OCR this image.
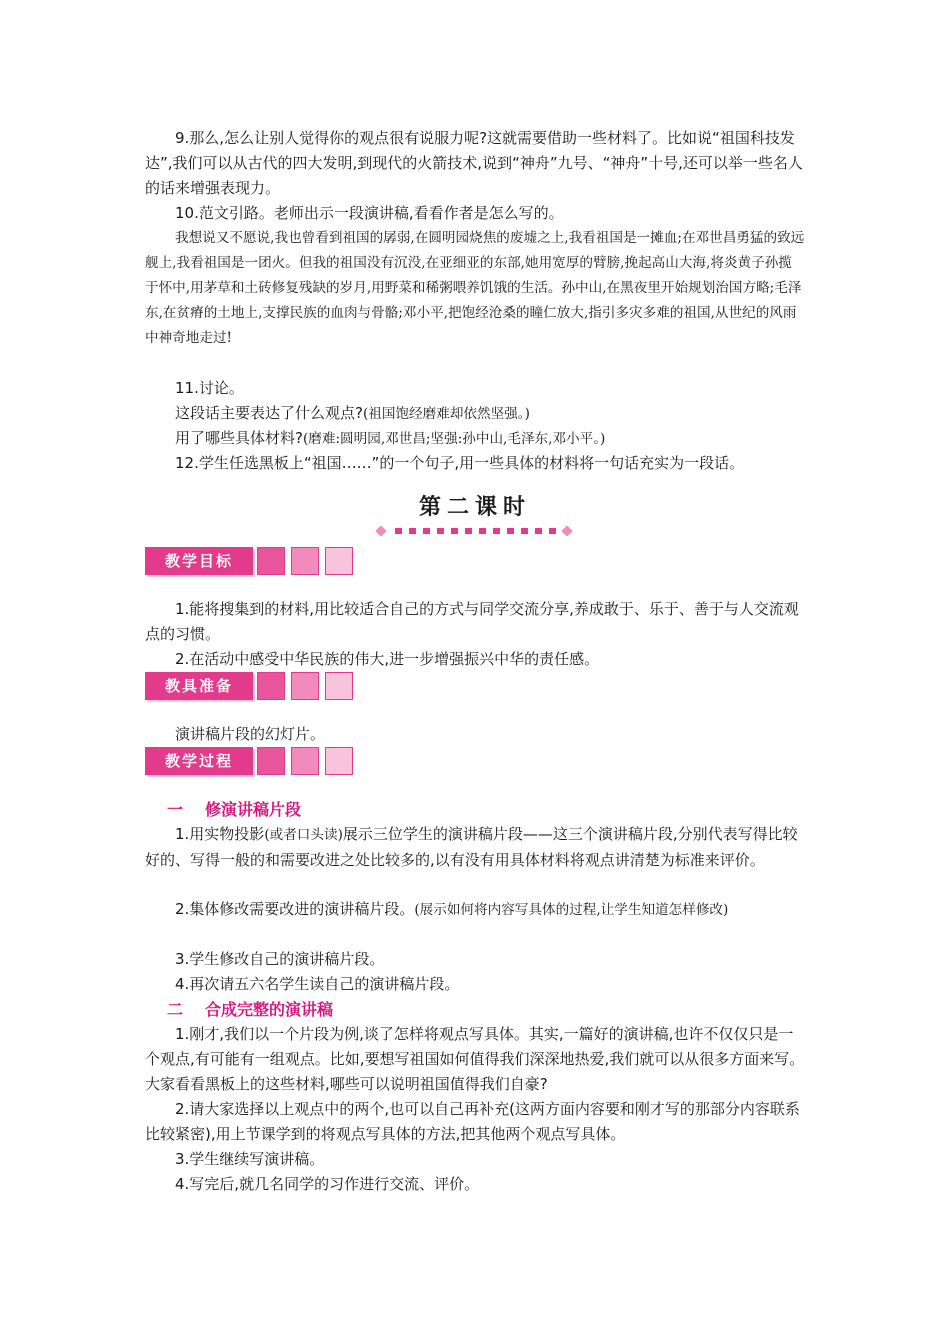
9.那么,怎么让别人觉得你的观点很有说服力呢?这就需要借助一些材料了。比如说“祖国科技发达”,我们可以从古代的四大发明,到现代的火箭技术,说到“神舟”九号、“神舟”十号,还可以举一些名人的话来增强表现力。

10.范文引路。老师出示一段演讲稿,看看作者是怎么写的。

我想说又不愿说,我也曾看到祖国的孱弱,在圆明园烧焦的废墟之上,我看祖国是一摊血;在邓世昌勇猛的致远舰上,我看祖国是一团火。但我的祖国没有沉没,在亚细亚的东部,她用宽厚的臂膀,挽起高山大海,将炎黄子孙揽于怀中,用茅草和土砖修复残缺的岁月,用野菜和稀粥喂养饥饿的生活。孙中山,在黑夜里开始规划治国方略;毛泽东,在贫瘠的土地上,支撑民族的血肉与骨骼;邓小平,把饱经沧桑的瞳仁放大,指引多灾多难的祖国,从世纪的风雨中神奇地走过!

11.讨论。

这段话主要表达了什么观点?(祖国饱经磨难却依然坚强。)

用了哪些具体材料?(磨难:圆明园,邓世昌;坚强:孙中山,毛泽东,邓小平。)

12.学生任选黑板上“祖国……”的一个句子,用一些具体的材料将一句话充实为一段话。

第二课时
教学目标

1.能将搜集到的材料,用比较适合自己的方式与同学交流分享,养成敢于、乐于、善于与人交流观点的习惯。

2.在活动中感受中华民族的伟大,进一步增强振兴中华的责任感。

教具准备

演讲稿片段的幻灯片。

教学过程
一 修演讲稿片段

1.用实物投影(或者口头读)展示三位学生的演讲稿片段——这三个演讲稿片段,分别代表写得比较好的、写得一般的和需要改进之处比较多的,以有没有用具体材料将观点讲清楚为标准来评价。

2.集体修改需要改进的演讲稿片段。(展示如何将内容写具体的过程,让学生知道怎样修改)

3.学生修改自己的演讲稿片段。

4.再次请五六名学生读自己的演讲稿片段。

二 合成完整的演讲稿

1.刚才,我们以一个片段为例,谈了怎样将观点写具体。其实,一篇好的演讲稿,也许不仅仅只是一个观点,有可能有一组观点。比如,要想写祖国如何值得我们深深地热爱,我们就可以从很多方面来写。大家看看黑板上的这些材料,哪些可以说明祖国值得我们自豪?

2.请大家选择以上观点中的两个,也可以自己再补充(这两方面内容要和刚才写的那部分内容联系比较紧密),用上节课学到的将观点写具体的方法,把其他两个观点写具体。

3.学生继续写演讲稿。

4.写完后,就几名同学的习作进行交流、评价。
